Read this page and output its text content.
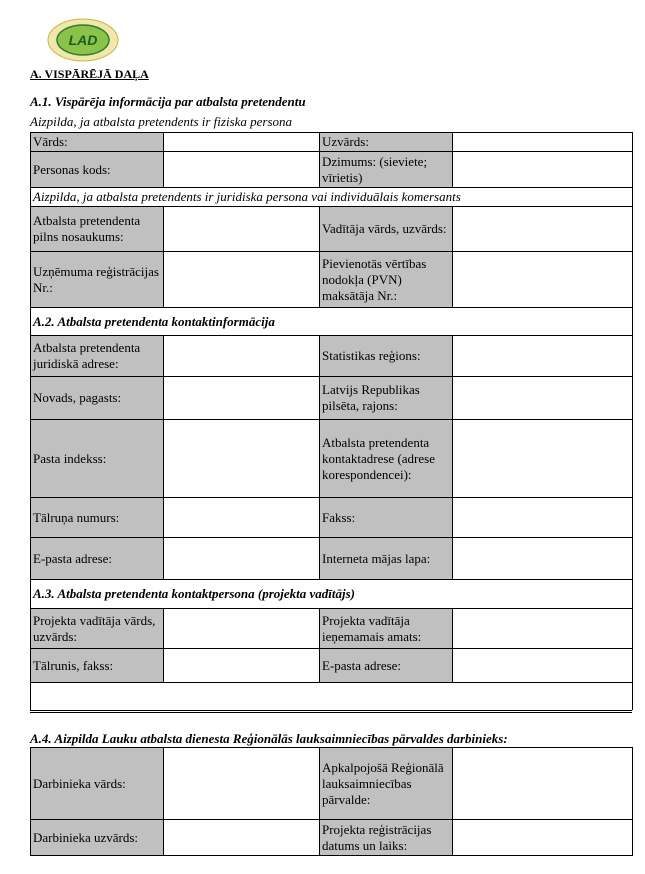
LAD
A. VISPĀRĒJĀ DAĻA
A.1. Vispārēja informācija par atbalsta pretendentu
Aizpilda, ja atbalsta pretendents ir fiziska persona
Vārds:		Uzvārds:	
Personas kods:		Dzimums: (sieviete; vīrietis)	
Aizpilda, ja atbalsta pretendents ir juridiska persona vai individuālais komersants			
Atbalsta pretendenta pilns nosaukums:		Vadītāja vārds, uzvārds:	
Uzņēmuma reģistrācijas Nr.:		Pievienotās vērtības nodokļa (PVN) maksātāja Nr.:	
A.2. Atbalsta pretendenta kontaktinformācija			
Atbalsta pretendenta juridiskā adrese:		Statistikas reģions:	
Novads, pagasts:		Latvijs Republikas pilsēta, rajons:	
Pasta indekss:		Atbalsta pretendenta kontaktadrese (adrese korespondencei):	
Tālruņa numurs:		Fakss:	
E-pasta adrese:		Interneta mājas lapa:	
A.3. Atbalsta pretendenta kontaktpersona (projekta vadītājs)			
Projekta vadītāja vārds, uzvārds:		Projekta vadītāja ieņemamais amats:	
Tālrunis, fakss:		E-pasta adrese:	

A.4. Aizpilda Lauku atbalsta dienesta Reģionālās lauksaimniecības pārvaldes darbinieks:
Darbinieka vārds:		Apkalpojošā Reģionālā lauksaimniecības pārvalde:	
Darbinieka uzvārds:		Projekta reģistrācijas datums un laiks:	
